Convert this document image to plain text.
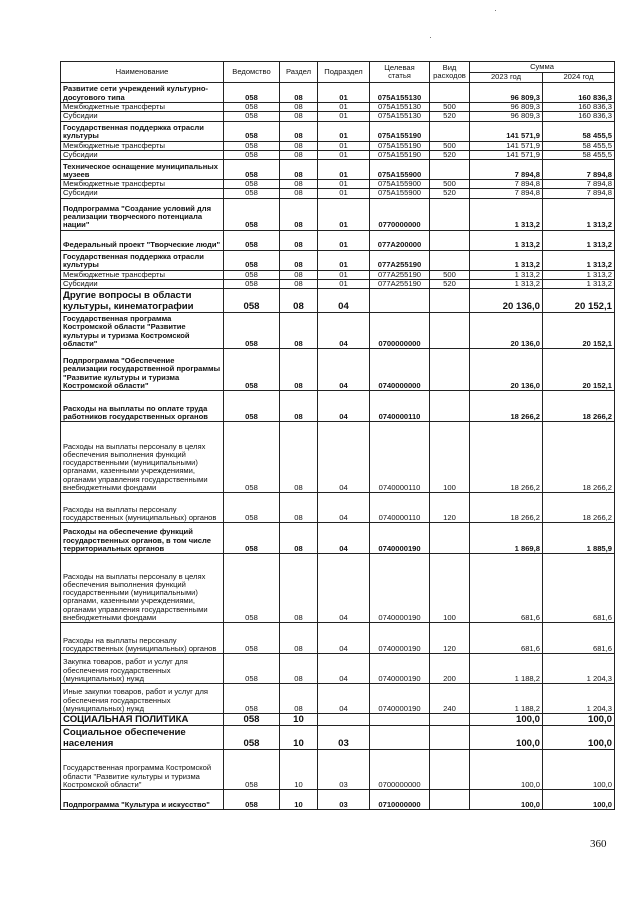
Наименование	Ведомство	Раздел	Подраздел	Целевая статья	Вид расходов	Сумма	
						2023 год	2024 год
Развитие сети учреждений культурно-досугового типа	058	08	01	075А155130		96 809,3	160 836,3
Межбюджетные трансферты	058	08	01	075А155130	500	96 809,3	160 836,3
Субсидии	058	08	01	075А155130	520	96 809,3	160 836,3
Государственная поддержка отрасли культуры	058	08	01	075А155190		141 571,9	58 455,5
Межбюджетные трансферты	058	08	01	075А155190	500	141 571,9	58 455,5
Субсидии	058	08	01	075А155190	520	141 571,9	58 455,5
Техническое оснащение муниципальных музеев	058	08	01	075А155900		7 894,8	7 894,8
Межбюджетные трансферты	058	08	01	075А155900	500	7 894,8	7 894,8
Субсидии	058	08	01	075А155900	520	7 894,8	7 894,8
Подпрограмма "Создание условий для реализации творческого потенциала нации"	058	08	01	0770000000		1 313,2	1 313,2
Федеральный проект "Творческие люди"	058	08	01	077А200000		1 313,2	1 313,2
Государственная поддержка отрасли культуры	058	08	01	077А255190		1 313,2	1 313,2
Межбюджетные трансферты	058	08	01	077А255190	500	1 313,2	1 313,2
Субсидии	058	08	01	077А255190	520	1 313,2	1 313,2
Другие вопросы в области культуры, кинематографии	058	08	04			20 136,0	20 152,1
Государственная программа Костромской области "Развитие культуры и туризма Костромской области"	058	08	04	0700000000		20 136,0	20 152,1
Подпрограмма "Обеспечение реализации государственной программы "Развитие культуры и туризма Костромской области"	058	08	04	0740000000		20 136,0	20 152,1
Расходы на выплаты по оплате труда работников государственных органов	058	08	04	0740000110		18 266,2	18 266,2
Расходы на выплаты персоналу в целях обеспечения выполнения функций государственными (муниципальными) органами, казенными учреждениями, органами управления государственными внебюджетными фондами	058	08	04	0740000110	100	18 266,2	18 266,2
Расходы на выплаты персоналу государственных (муниципальных) органов	058	08	04	0740000110	120	18 266,2	18 266,2
Расходы на обеспечение функций государственных органов, в том числе территориальных органов	058	08	04	0740000190		1 869,8	1 885,9
Расходы на выплаты персоналу в целях обеспечения выполнения функций государственными (муниципальными) органами, казенными учреждениями, органами управления государственными внебюджетными фондами	058	08	04	0740000190	100	681,6	681,6
Расходы на выплаты персоналу государственных (муниципальных) органов	058	08	04	0740000190	120	681,6	681,6
Закупка товаров, работ и услуг для обеспечения государственных (муниципальных) нужд	058	08	04	0740000190	200	1 188,2	1 204,3
Иные закупки товаров, работ и услуг для обеспечения государственных (муниципальных) нужд	058	08	04	0740000190	240	1 188,2	1 204,3
СОЦИАЛЬНАЯ ПОЛИТИКА	058	10				100,0	100,0
Социальное обеспечение населения	058	10	03			100,0	100,0
Государственная программа Костромской области "Развитие культуры и туризма Костромской области"	058	10	03	0700000000		100,0	100,0
Подпрограмма "Культура и искусство"	058	10	03	0710000000		100,0	100,0
360
